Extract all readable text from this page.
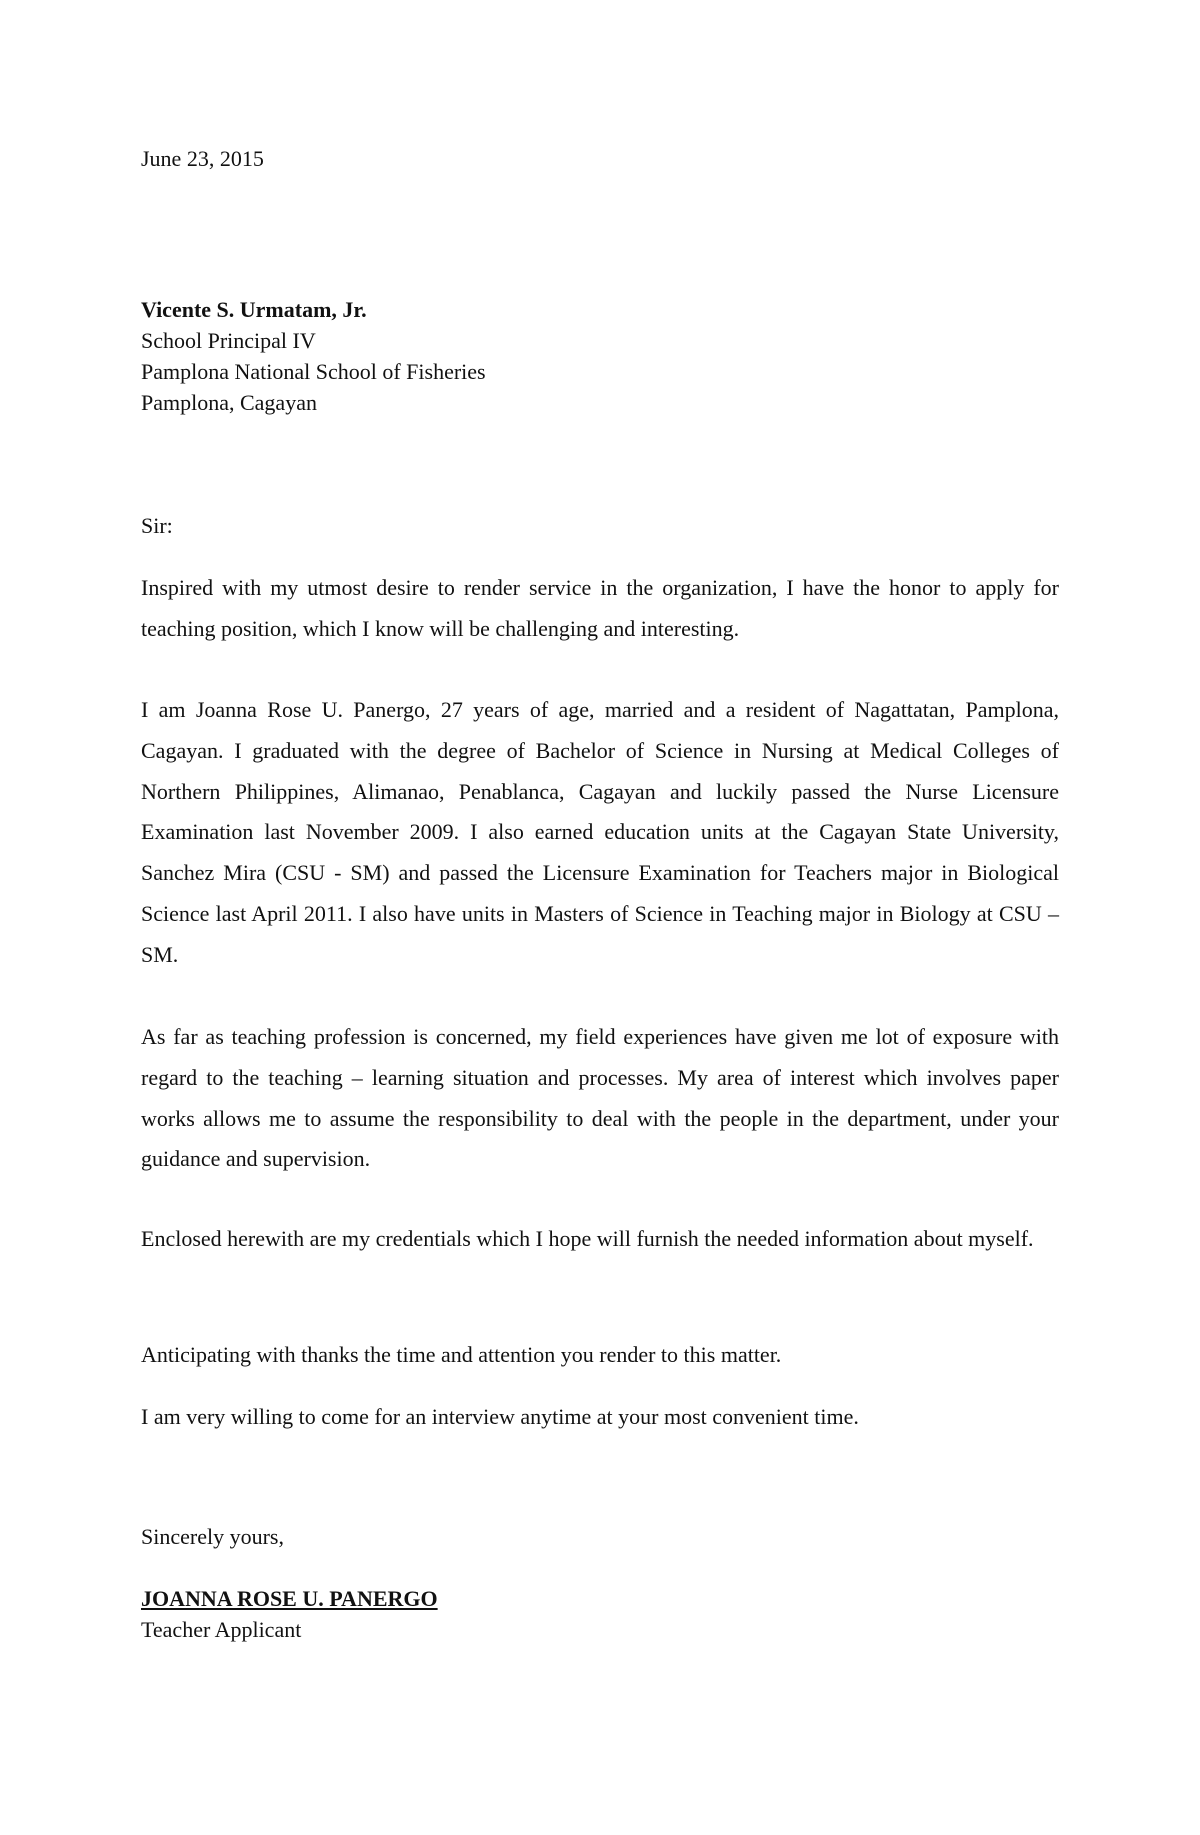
June 23, 2015

Vicente S. Urmatam, Jr.
School Principal IV
Pamplona National School of Fisheries
Pamplona, Cagayan

Sir:

Inspired with my utmost desire to render service in the organization, I have the honor to apply for teaching position, which I know will be challenging and interesting.

I am Joanna Rose U. Panergo, 27 years of age, married and a resident of Nagattatan, Pamplona, Cagayan. I graduated with the degree of Bachelor of Science in Nursing at Medical Colleges of Northern Philippines, Alimanao, Penablanca, Cagayan and luckily passed the Nurse Licensure Examination last November 2009. I also earned education units at the Cagayan State University, Sanchez Mira (CSU - SM) and passed the Licensure Examination for Teachers major in Biological Science last April 2011. I also have units in Masters of Science in Teaching major in Biology at CSU – SM.

As far as teaching profession is concerned, my field experiences have given me lot of exposure with regard to the teaching – learning situation and processes. My area of interest which involves paper works allows me to assume the responsibility to deal with the people in the department, under your guidance and supervision.

Enclosed herewith are my credentials which I hope will furnish the needed information about myself.

Anticipating with thanks the time and attention you render to this matter.

I am very willing to come for an interview anytime at your most convenient time.

Sincerely yours,

JOANNA ROSE U. PANERGO
Teacher Applicant
